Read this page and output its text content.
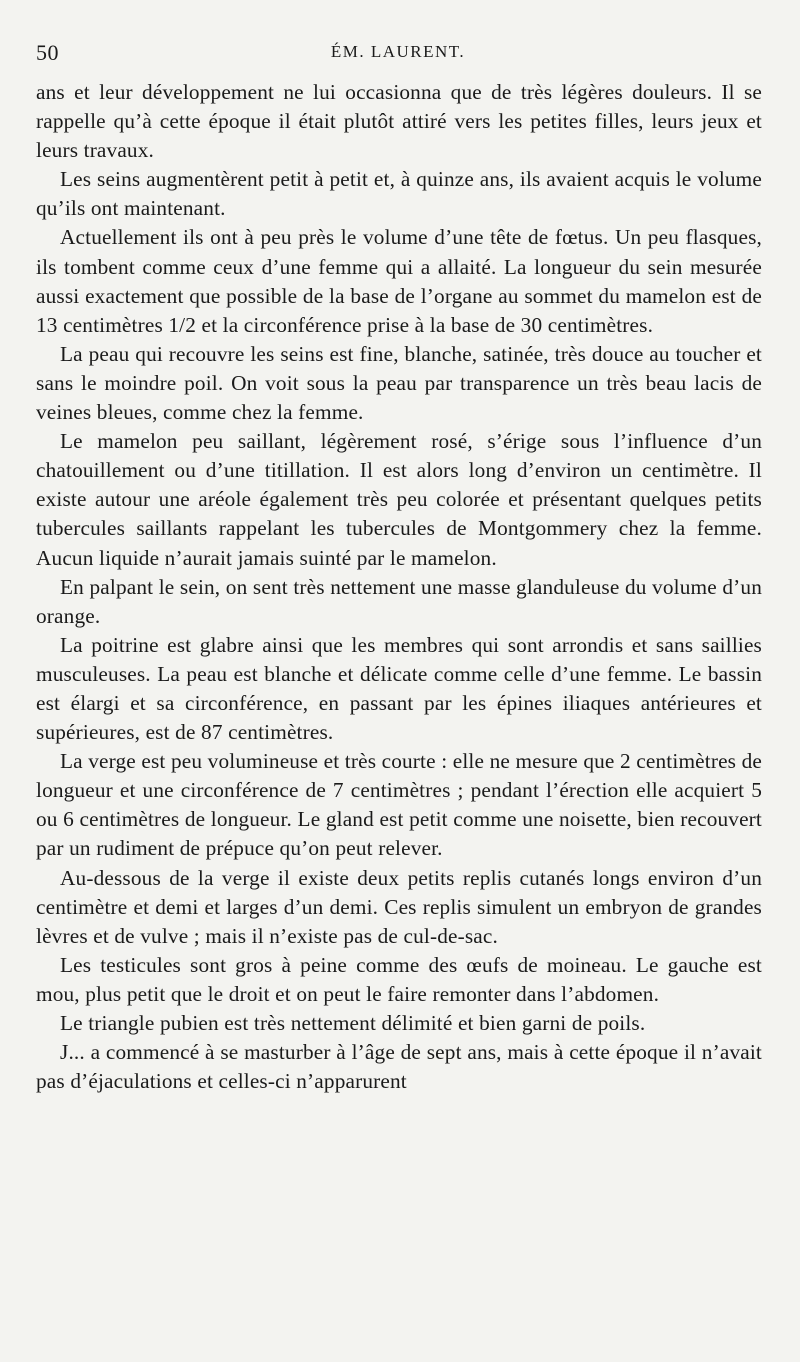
50	ÉM. LAURENT.

ans et leur développement ne lui occasionna que de très légères douleurs. Il se rappelle qu’à cette époque il était plutôt attiré vers les petites filles, leurs jeux et leurs travaux.

Les seins augmentèrent petit à petit et, à quinze ans, ils avaient acquis le volume qu’ils ont maintenant.

Actuellement ils ont à peu près le volume d’une tête de fœtus. Un peu flasques, ils tombent comme ceux d’une femme qui a allaité. La longueur du sein mesurée aussi exactement que possible de la base de l’organe au sommet du mamelon est de 13 centimètres 1/2 et la circonférence prise à la base de 30 centimètres.

La peau qui recouvre les seins est fine, blanche, satinée, très douce au toucher et sans le moindre poil. On voit sous la peau par transparence un très beau lacis de veines bleues, comme chez la femme.

Le mamelon peu saillant, légèrement rosé, s’érige sous l’influence d’un chatouillement ou d’une titillation. Il est alors long d’environ un centimètre. Il existe autour une aréole également très peu colorée et présentant quelques petits tubercules saillants rappelant les tubercules de Montgommery chez la femme. Aucun liquide n’aurait jamais suinté par le mamelon.

En palpant le sein, on sent très nettement une masse glanduleuse du volume d’un orange.

La poitrine est glabre ainsi que les membres qui sont arrondis et sans saillies musculeuses. La peau est blanche et délicate comme celle d’une femme. Le bassin est élargi et sa circonférence, en passant par les épines iliaques antérieures et supérieures, est de 87 centimètres.

La verge est peu volumineuse et très courte : elle ne mesure que 2 centimètres de longueur et une circonférence de 7 centimètres ; pendant l’érection elle acquiert 5 ou 6 centimètres de longueur. Le gland est petit comme une noisette, bien recouvert par un rudiment de prépuce qu’on peut relever.

Au-dessous de la verge il existe deux petits replis cutanés longs environ d’un centimètre et demi et larges d’un demi. Ces replis simulent un embryon de grandes lèvres et de vulve ; mais il n’existe pas de cul-de-sac.

Les testicules sont gros à peine comme des œufs de moineau. Le gauche est mou, plus petit que le droit et on peut le faire remonter dans l’abdomen.

Le triangle pubien est très nettement délimité et bien garni de poils.

J... a commencé à se masturber à l’âge de sept ans, mais à cette époque il n’avait pas d’éjaculations et celles-ci n’apparurent
